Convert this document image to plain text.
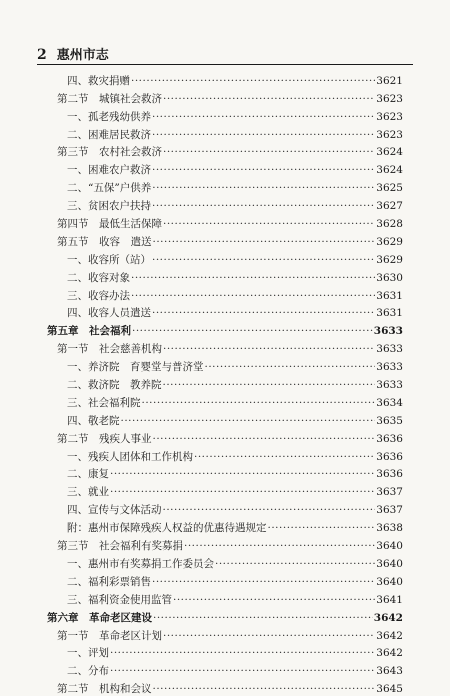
2 惠州市志
四、救灾捐赠 ·····	3621
第二节　城镇社会救济 ·····	3623
一、孤老残幼供养 ·····	3623
二、困难居民救济 ·····	3623
第三节　农村社会救济 ·····	3624
一、困难农户救济 ·····	3624
二、“五保”户供养 ·····	3625
三、贫困农户扶持 ·····	3627
第四节　最低生活保障 ·····	3628
第五节　收容　遣送 ·····	3629
一、收容所（站） ·····	3629
二、收容对象 ·····	3630
三、收容办法 ·····	3631
四、收容人员遣送 ·····	3631
第五章　社会福利 ·····	3633
第一节　社会慈善机构 ·····	3633
一、养济院　育婴堂与普济堂 ·····	3633
二、救济院　教养院 ·····	3633
三、社会福利院 ·····	3634
四、敬老院 ·····	3635
第二节　残疾人事业 ·····	3636
一、残疾人团体和工作机构 ·····	3636
二、康复 ·····	3636
三、就业 ·····	3637
四、宣传与文体活动 ·····	3637
附：惠州市保障残疾人权益的优惠待遇规定 ·····	3638
第三节　社会福利有奖募捐 ·····	3640
一、惠州市有奖募捐工作委员会 ·····	3640
二、福利彩票销售 ·····	3640
三、福利资金使用监管 ·····	3641
第六章　革命老区建设 ·····	3642
第一节　革命老区计划 ·····	3642
一、评划 ·····	3642
二、分布 ·····	3643
第二节　机构和会议 ·····	3645
